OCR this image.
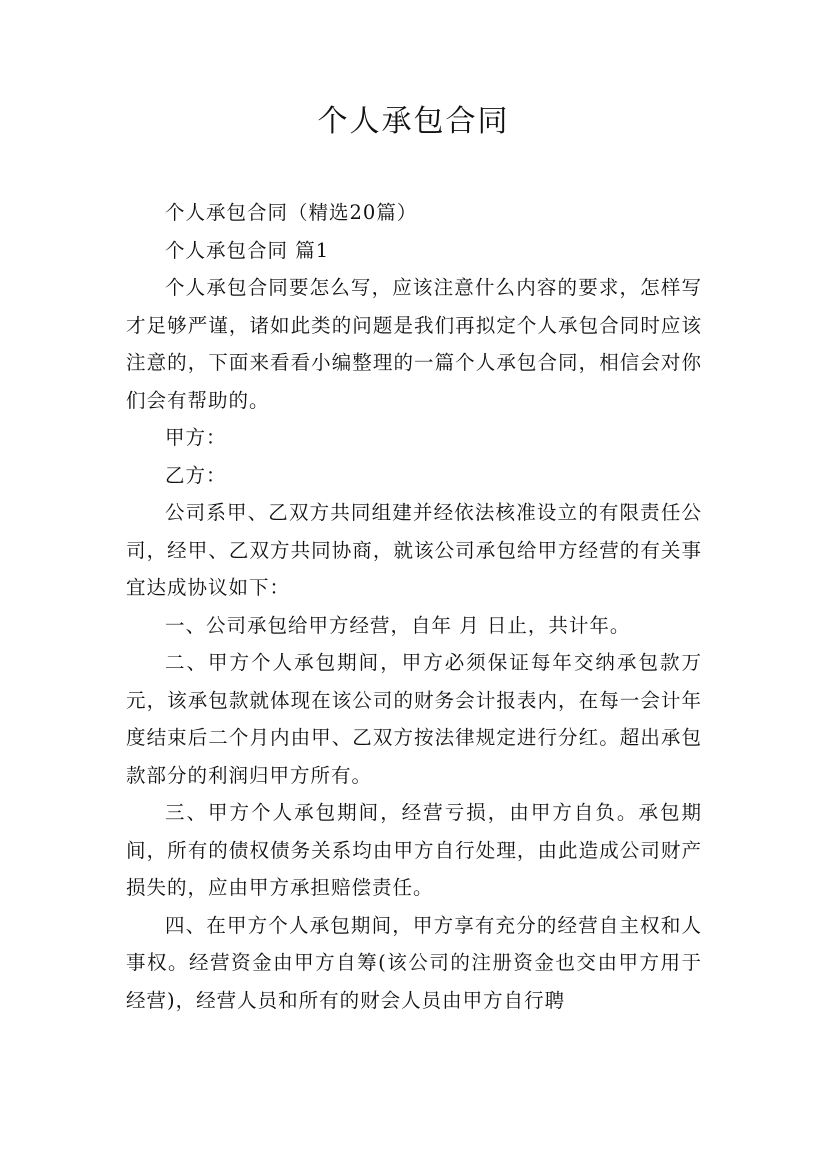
个人承包合同

个人承包合同（精选20篇）

个人承包合同 篇1

个人承包合同要怎么写，应该注意什么内容的要求，怎样写才足够严谨，诸如此类的问题是我们再拟定个人承包合同时应该注意的，下面来看看小编整理的一篇个人承包合同，相信会对你们会有帮助的。

甲方：

乙方：

公司系甲、乙双方共同组建并经依法核准设立的有限责任公司，经甲、乙双方共同协商，就该公司承包给甲方经营的有关事宜达成协议如下：

一、公司承包给甲方经营，自年 月 日止，共计年。

二、甲方个人承包期间，甲方必须保证每年交纳承包款万元，该承包款就体现在该公司的财务会计报表内，在每一会计年度结束后二个月内由甲、乙双方按法律规定进行分红。超出承包款部分的利润归甲方所有。

三、甲方个人承包期间，经营亏损，由甲方自负。承包期间，所有的债权债务关系均由甲方自行处理，由此造成公司财产损失的，应由甲方承担赔偿责任。

四、在甲方个人承包期间，甲方享有充分的经营自主权和人事权。经营资金由甲方自筹(该公司的注册资金也交由甲方用于经营)，经营人员和所有的财会人员由甲方自行聘
